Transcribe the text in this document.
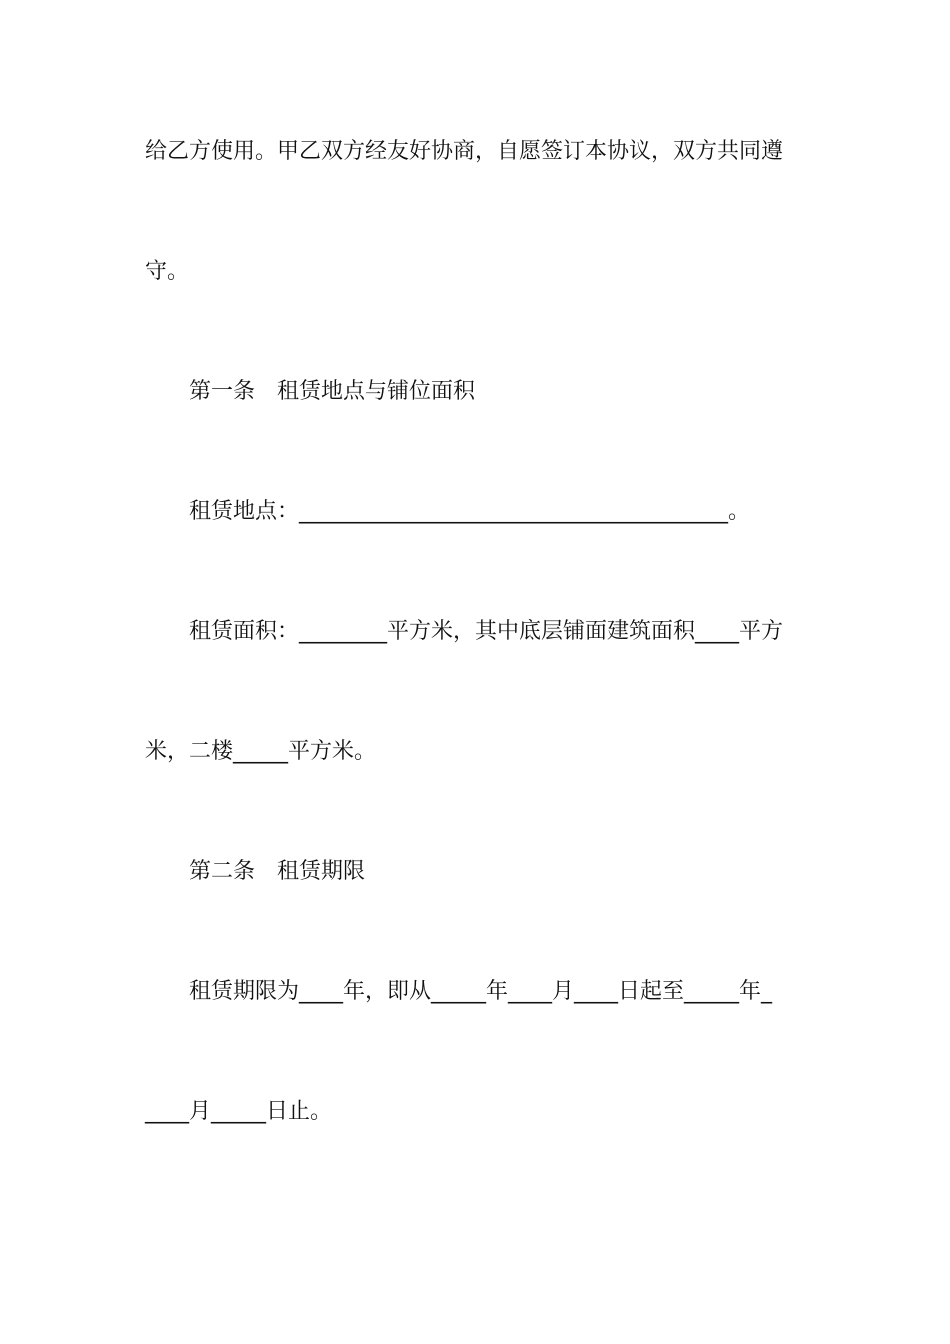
给乙方使用。甲乙双方经友好协商，自愿签订本协议，双方共同遵
守。
第一条　租赁地点与铺位面积
租赁地点：_______________________________________。
租赁面积：________平方米，其中底层铺面建筑面积____平方
米，二楼_____平方米。
第二条　租赁期限
租赁期限为____年，即从_____年____月____日起至_____年_
____月_____日止。
